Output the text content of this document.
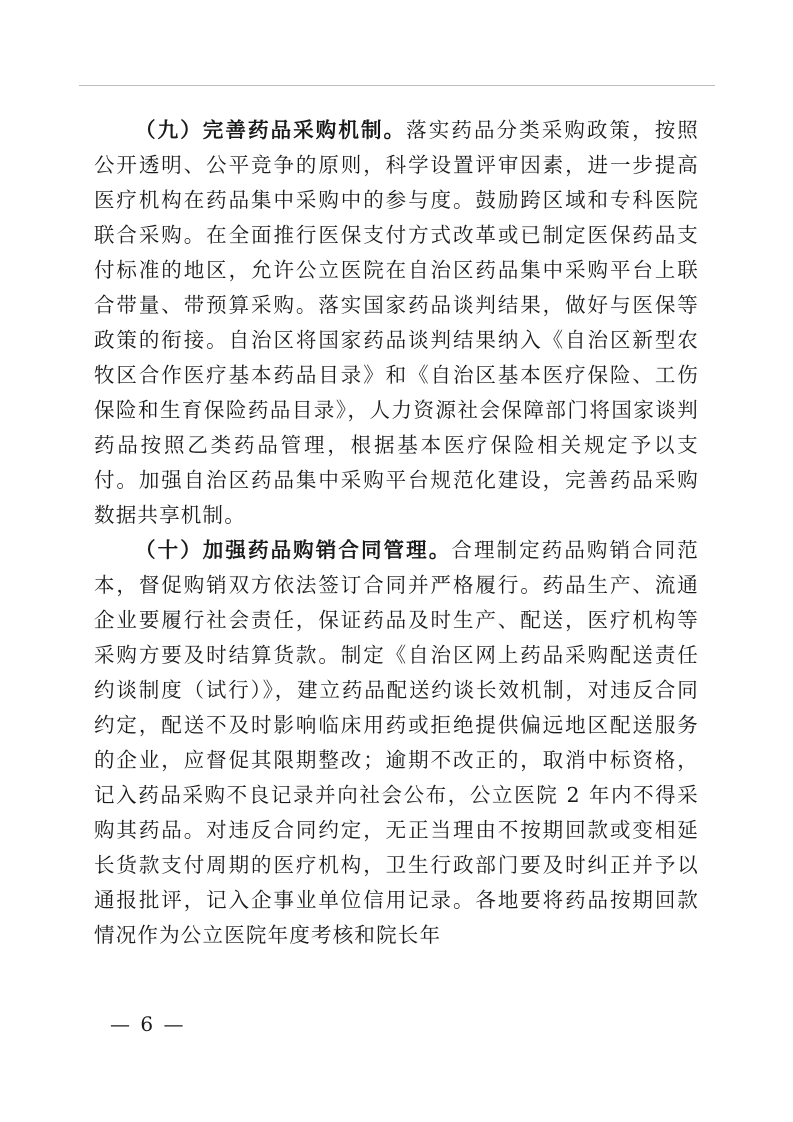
（九）完善药品采购机制。落实药品分类采购政策，按照公开透明、公平竞争的原则，科学设置评审因素，进一步提高医疗机构在药品集中采购中的参与度。鼓励跨区域和专科医院联合采购。在全面推行医保支付方式改革或已制定医保药品支付标准的地区，允许公立医院在自治区药品集中采购平台上联合带量、带预算采购。落实国家药品谈判结果，做好与医保等政策的衔接。自治区将国家药品谈判结果纳入《自治区新型农牧区合作医疗基本药品目录》和《自治区基本医疗保险、工伤保险和生育保险药品目录》，人力资源社会保障部门将国家谈判药品按照乙类药品管理，根据基本医疗保险相关规定予以支付。加强自治区药品集中采购平台规范化建设，完善药品采购数据共享机制。

（十）加强药品购销合同管理。合理制定药品购销合同范本，督促购销双方依法签订合同并严格履行。药品生产、流通企业要履行社会责任，保证药品及时生产、配送，医疗机构等采购方要及时结算货款。制定《自治区网上药品采购配送责任约谈制度（试行）》，建立药品配送约谈长效机制，对违反合同约定，配送不及时影响临床用药或拒绝提供偏远地区配送服务的企业，应督促其限期整改；逾期不改正的，取消中标资格，记入药品采购不良记录并向社会公布，公立医院 2 年内不得采购其药品。对违反合同约定，无正当理由不按期回款或变相延长货款支付周期的医疗机构，卫生行政部门要及时纠正并予以通报批评，记入企事业单位信用记录。各地要将药品按期回款情况作为公立医院年度考核和院长年

— 6 —
